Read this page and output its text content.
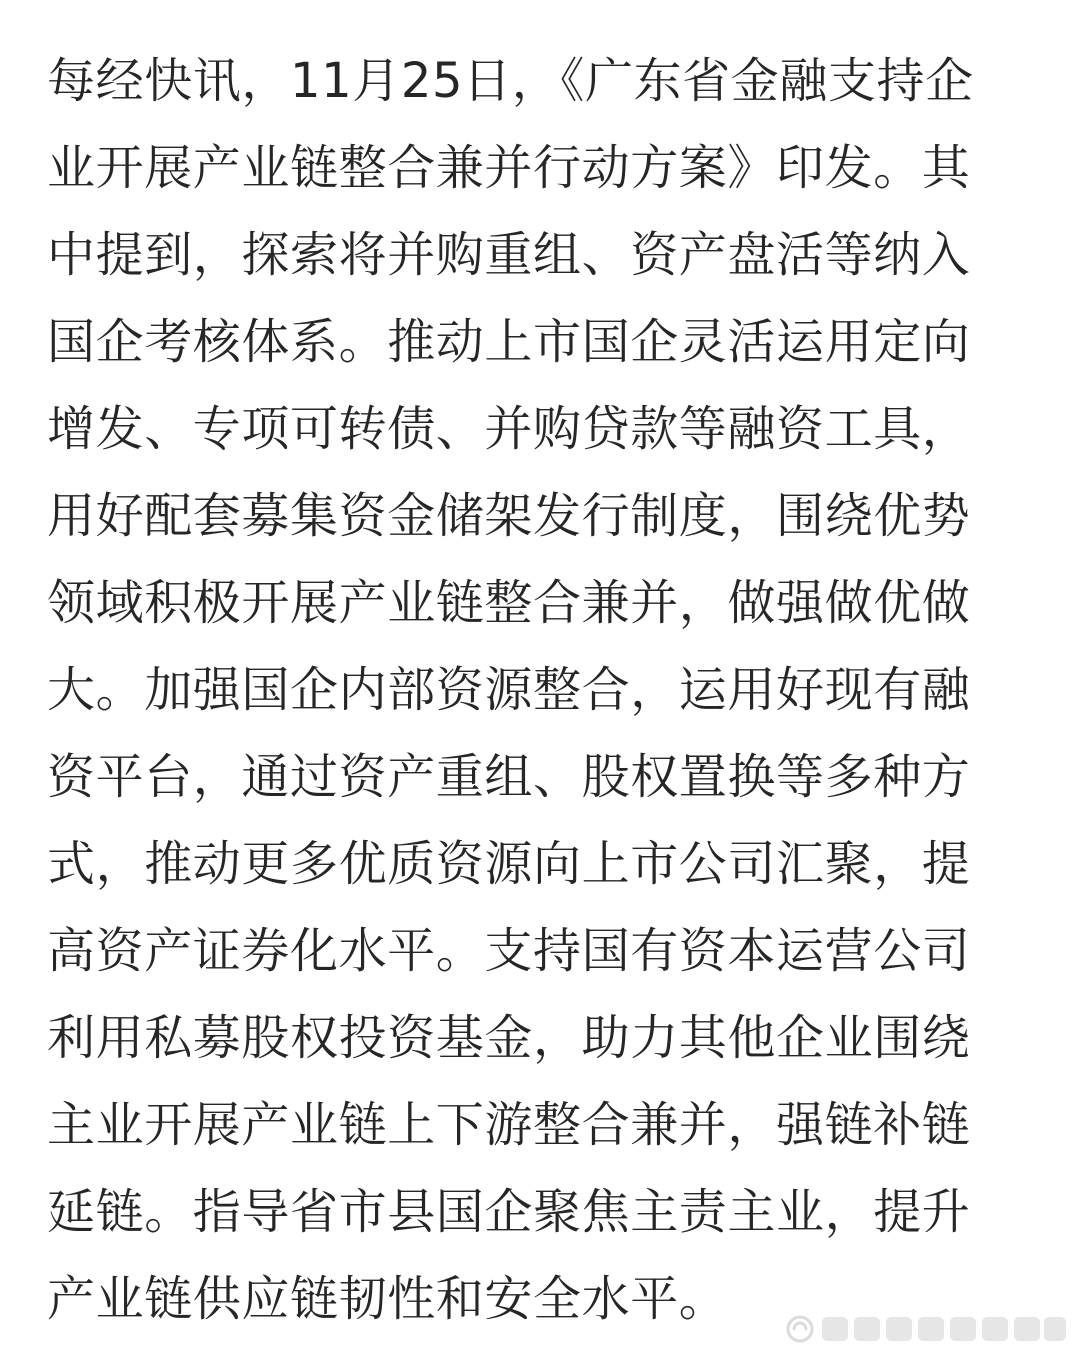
每经快讯，11月25日，《广东省金融支持企
业开展产业链整合兼并行动方案》印发。其
中提到，探索将并购重组、资产盘活等纳入
国企考核体系。推动上市国企灵活运用定向
增发、专项可转债、并购贷款等融资工具，
用好配套募集资金储架发行制度，围绕优势
领域积极开展产业链整合兼并，做强做优做
大。加强国企内部资源整合，运用好现有融
资平台，通过资产重组、股权置换等多种方
式，推动更多优质资源向上市公司汇聚，提
高资产证券化水平。支持国有资本运营公司
利用私募股权投资基金，助力其他企业围绕
主业开展产业链上下游整合兼并，强链补链
延链。指导省市县国企聚焦主责主业，提升
产业链供应链韧性和安全水平。
